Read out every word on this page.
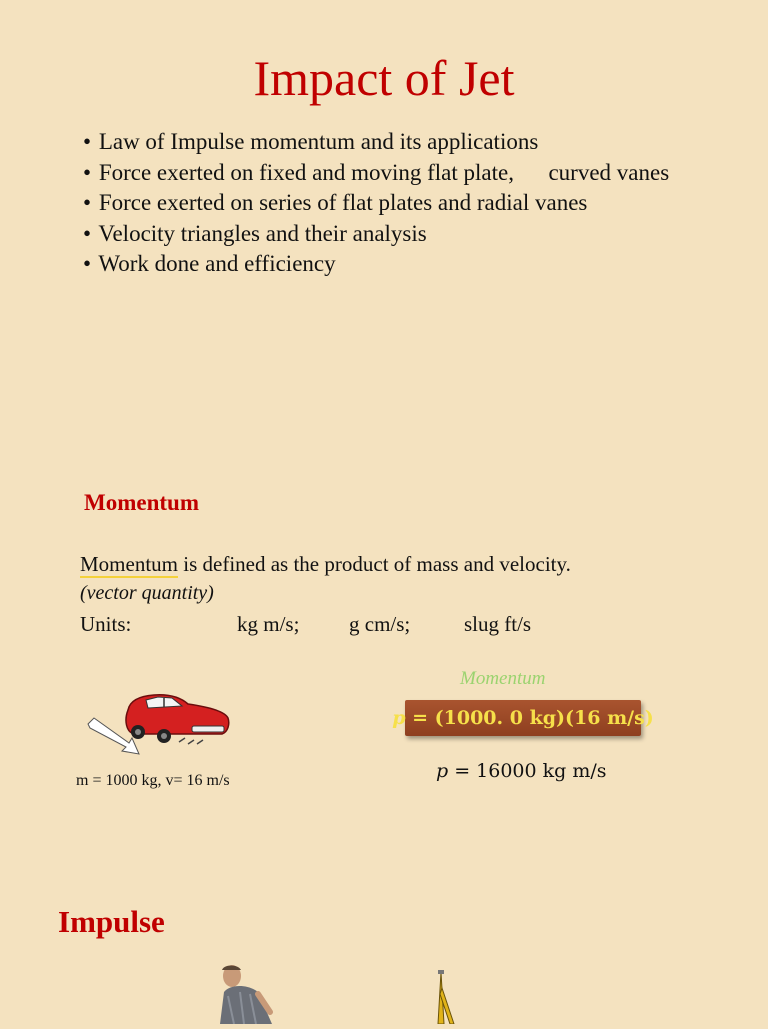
Impact of Jet
• Law of Impulse momentum and its applications
• Force exerted on fixed and moving flat plate,      curved vanes
• Force exerted on series of flat plates and radial vanes
• Velocity triangles and their analysis
• Work done and efficiency
Momentum
Momentum is defined as the product of mass and velocity.
(vector quantity)
Units:	kg m/s; g cm/s;	slug ft/s
m = 1000 kg, v= 16 m/s
Momentum
p = (1000. 0 kg)(16 m/s)
p = 16000 kg m/s
Impulse
